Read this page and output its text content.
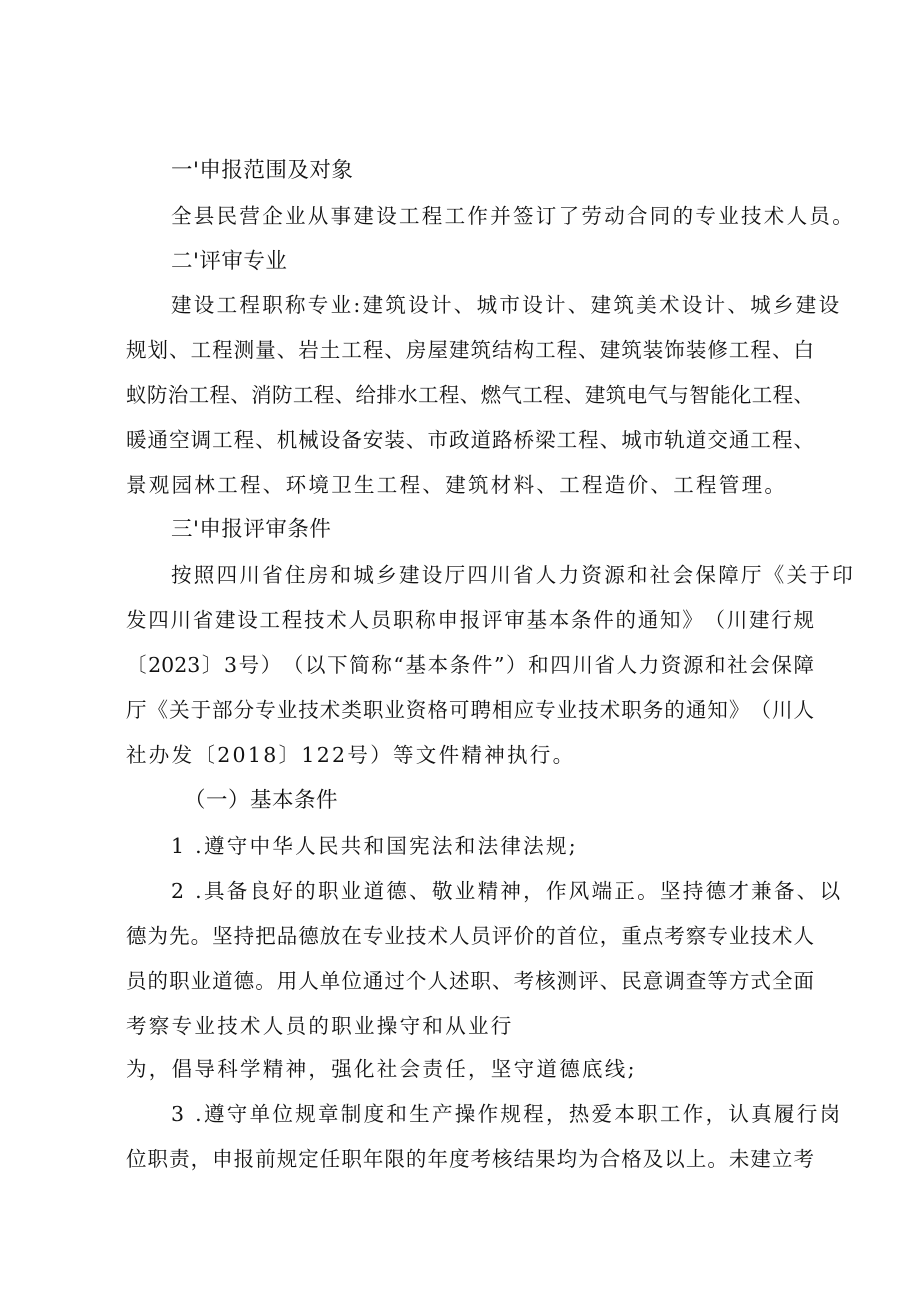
一'申报范围及对象
全县民营企业从事建设工程工作并签订了劳动合同的专业技术人员。
二'评审专业
建设工程职称专业:建筑设计、城市设计、建筑美术设计、城乡建设
规 划 、 工 程 测 量 、 岩 土 工 程 、 房 屋 建 筑 结 构 工 程 、 建 筑 装 饰 装 修 工 程 、 白
蚁 防 治 工 程 、 消 防 工 程 、 给 排 水 工 程 、 燃 气 工 程 、 建 筑 电 气 与 智 能 化 工 程 、
暖 通 空 调 工 程 、 机 械 设 备 安 装 、 市 政 道 路 桥 梁 工 程 、 城 市 轨 道 交 通 工 程 、
景观园林工程、环境卫生工程、建筑材料、工程造价、工程管理。
三'申报评审条件
按照四川省住房和城乡建设厅四川省人力资源和社会保障厅《关于印
发 四 川 省 建 设 工 程 技 术 人 员 职 称 申 报 评 审 基 本 条 件 的 通 知 》 （ 川 建 行 规
〔 2023 〕 3 号 ） （ 以 下 简 称 “ 基 本 条 件 ” ） 和 四 川 省 人 力 资 源 和 社 会 保 障
厅 《 关 于 部 分 专 业 技 术 类 职 业 资 格 可 聘 相 应 专 业 技 术 职 务 的 通 知 》 （ 川 人
社办发〔2018〕122号）等文件精神执行。
（一）基本条件
1 .遵守中华人民共和国宪法和法律法规;
2 .具备良好的职业道德、敬业精神，作风端正。坚持德才兼备、以
德 为 先 。 坚 持 把 品 德 放 在 专 业 技 术 人 员 评 价 的 首 位 ， 重 点 考 察 专 业 技 术 人
员 的 职 业 道 德 。 用 人 单 位 通 过 个 人 述 职 、 考 核 测 评 、 民 意 调 查 等 方 式 全 面
考察专业技术人员的职业操守和从业行
为，倡导科学精神，强化社会责任，坚守道德底线;
3 .遵守单位规章制度和生产操作规程，热爱本职工作，认真履行岗
位 职 责 ， 申 报 前 规 定 任 职 年 限 的 年 度 考 核 结 果 均 为 合 格 及 以 上 。 未 建 立 考
